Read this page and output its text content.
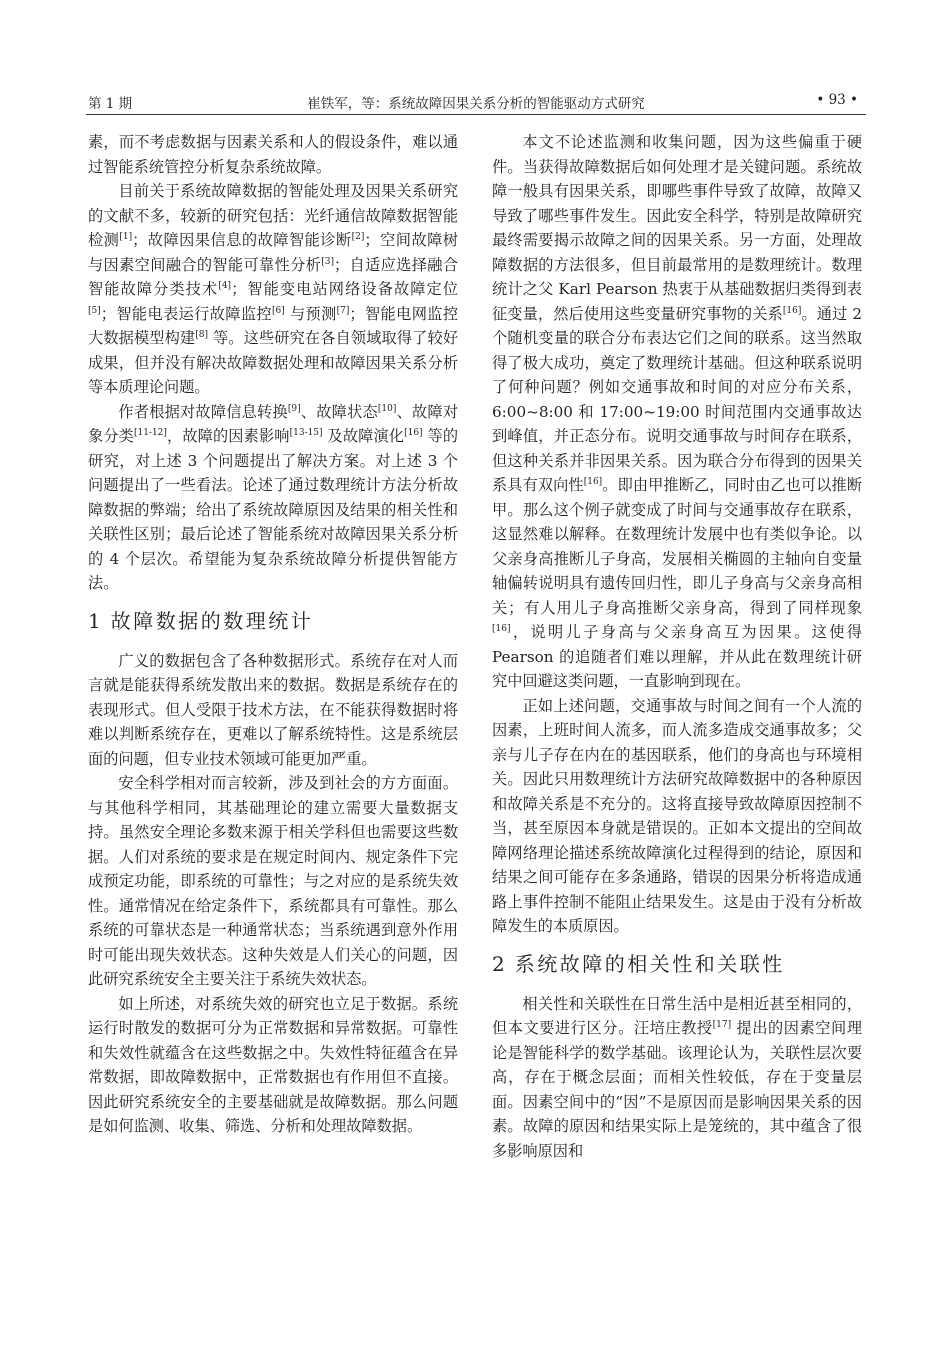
第 1 期	崔铁军，等：系统故障因果关系分析的智能驱动方式研究	• 93 •

素，而不考虑数据与因素关系和人的假设条件，难以通过智能系统管控分析复杂系统故障。

目前关于系统故障数据的智能处理及因果关系研究的文献不多，较新的研究包括：光纤通信故障数据智能检测[1]；故障因果信息的故障智能诊断[2]；空间故障树与因素空间融合的智能可靠性分析[3]；自适应选择融合智能故障分类技术[4]；智能变电站网络设备故障定位[5]；智能电表运行故障监控[6] 与预测[7]；智能电网监控大数据模型构建[8] 等。这些研究在各自领域取得了较好成果，但并没有解决故障数据处理和故障因果关系分析等本质理论问题。

作者根据对故障信息转换[9]、故障状态[10]、故障对象分类[11-12]，故障的因素影响[13-15] 及故障演化[16] 等的研究，对上述 3 个问题提出了解决方案。对上述 3 个问题提出了一些看法。论述了通过数理统计方法分析故障数据的弊端；给出了系统故障原因及结果的相关性和关联性区别；最后论述了智能系统对故障因果关系分析的 4 个层次。希望能为复杂系统故障分析提供智能方法。

1 故障数据的数理统计

广义的数据包含了各种数据形式。系统存在对人而言就是能获得系统发散出来的数据。数据是系统存在的表现形式。但人受限于技术方法，在不能获得数据时将难以判断系统存在，更难以了解系统特性。这是系统层面的问题，但专业技术领域可能更加严重。

安全科学相对而言较新，涉及到社会的方方面面。与其他科学相同，其基础理论的建立需要大量数据支持。虽然安全理论多数来源于相关学科但也需要这些数据。人们对系统的要求是在规定时间内、规定条件下完成预定功能，即系统的可靠性；与之对应的是系统失效性。通常情况在给定条件下，系统都具有可靠性。那么系统的可靠状态是一种通常状态；当系统遇到意外作用时可能出现失效状态。这种失效是人们关心的问题，因此研究系统安全主要关注于系统失效状态。

如上所述，对系统失效的研究也立足于数据。系统运行时散发的数据可分为正常数据和异常数据。可靠性和失效性就蕴含在这些数据之中。失效性特征蕴含在异常数据，即故障数据中，正常数据也有作用但不直接。因此研究系统安全的主要基础就是故障数据。那么问题是如何监测、收集、筛选、分析和处理故障数据。

本文不论述监测和收集问题，因为这些偏重于硬件。当获得故障数据后如何处理才是关键问题。系统故障一般具有因果关系，即哪些事件导致了故障，故障又导致了哪些事件发生。因此安全科学，特别是故障研究最终需要揭示故障之间的因果关系。另一方面，处理故障数据的方法很多，但目前最常用的是数理统计。数理统计之父 Karl Pearson 热衷于从基础数据归类得到表征变量，然后使用这些变量研究事物的关系[16]。通过 2 个随机变量的联合分布表达它们之间的联系。这当然取得了极大成功，奠定了数理统计基础。但这种联系说明了何种问题？例如交通事故和时间的对应分布关系，6:00~8:00 和 17:00~19:00 时间范围内交通事故达到峰值，并正态分布。说明交通事故与时间存在联系，但这种关系并非因果关系。因为联合分布得到的因果关系具有双向性[16]。即由甲推断乙，同时由乙也可以推断甲。那么这个例子就变成了时间与交通事故存在联系，这显然难以解释。在数理统计发展中也有类似争论。以父亲身高推断儿子身高，发展相关椭圆的主轴向自变量轴偏转说明具有遗传回归性，即儿子身高与父亲身高相关；有人用儿子身高推断父亲身高，得到了同样现象[16]，说明儿子身高与父亲身高互为因果。这使得 Pearson 的追随者们难以理解，并从此在数理统计研究中回避这类问题，一直影响到现在。

正如上述问题，交通事故与时间之间有一个人流的因素，上班时间人流多，而人流多造成交通事故多；父亲与儿子存在内在的基因联系，他们的身高也与环境相关。因此只用数理统计方法研究故障数据中的各种原因和故障关系是不充分的。这将直接导致故障原因控制不当，甚至原因本身就是错误的。正如本文提出的空间故障网络理论描述系统故障演化过程得到的结论，原因和结果之间可能存在多条通路，错误的因果分析将造成通路上事件控制不能阻止结果发生。这是由于没有分析故障发生的本质原因。

2 系统故障的相关性和关联性

相关性和关联性在日常生活中是相近甚至相同的，但本文要进行区分。汪培庄教授[17] 提出的因素空间理论是智能科学的数学基础。该理论认为，关联性层次要高，存在于概念层面；而相关性较低，存在于变量层面。因素空间中的“因”不是原因而是影响因果关系的因素。故障的原因和结果实际上是笼统的，其中蕴含了很多影响原因和
